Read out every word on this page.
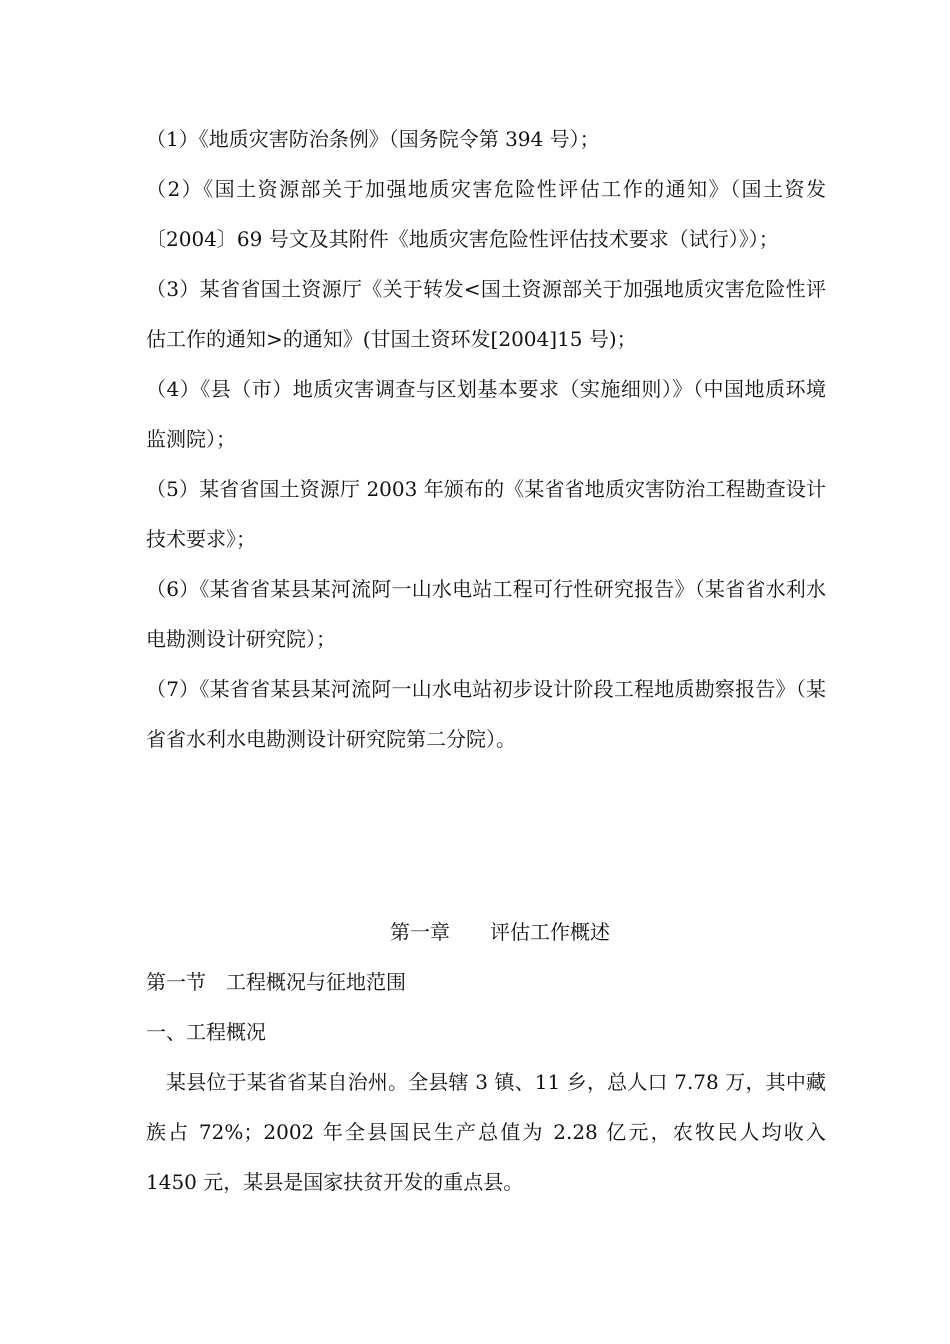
（1）《地质灾害防治条例》（国务院令第 394 号）；

（2）《国土资源部关于加强地质灾害危险性评估工作的通知》（国土资发〔2004〕69 号文及其附件《地质灾害危险性评估技术要求（试行）》）；

（3）某省省国土资源厅《关于转发<国土资源部关于加强地质灾害危险性评估工作的通知>的通知》(甘国土资环发[2004]15 号)；

（4）《县（市）地质灾害调查与区划基本要求（实施细则）》（中国地质环境监测院）；

（5）某省省国土资源厅 2003 年颁布的《某省省地质灾害防治工程勘查设计技术要求》；

（6）《某省省某县某河流阿一山水电站工程可行性研究报告》（某省省水利水电勘测设计研究院）；

（7）《某省省某县某河流阿一山水电站初步设计阶段工程地质勘察报告》（某省省水利水电勘测设计研究院第二分院）。

第一章 评估工作概述

第一节 工程概况与征地范围

一、工程概况

某县位于某省省某自治州。全县辖 3 镇、11 乡，总人口 7.78 万，其中藏族占 72%；2002 年全县国民生产总值为 2.28 亿元，农牧民人均收入 1450 元，某县是国家扶贫开发的重点县。
